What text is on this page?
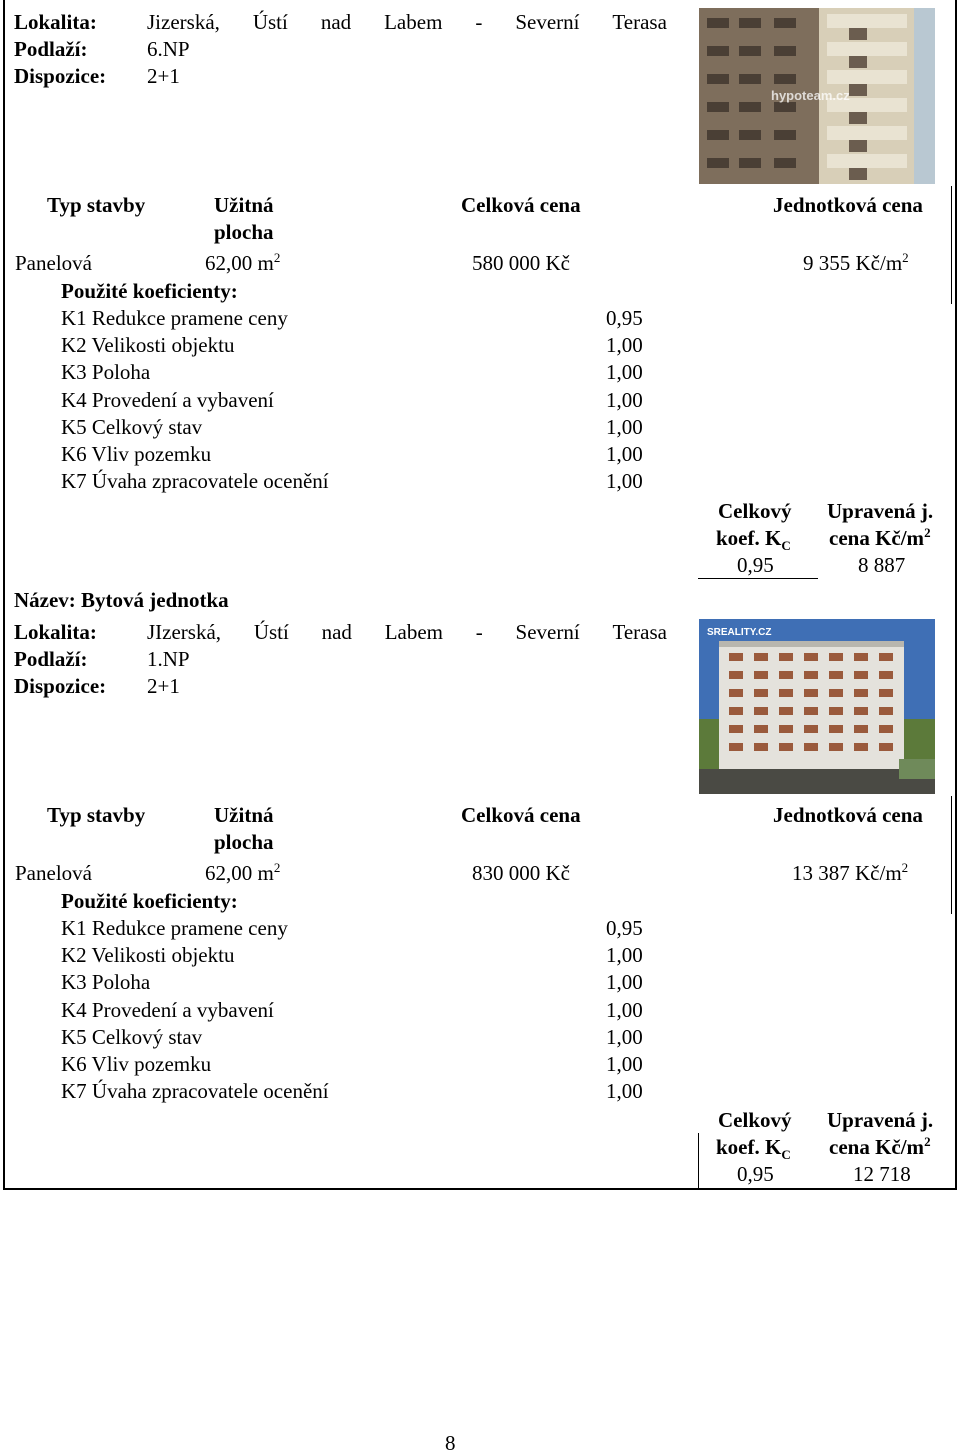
Lokalita: Jizerská, Ústí nad Labem - Severní Terasa
Podlaží:	6.NP
Dispozice: 2+1
hypoteam.cz
Typ stavby	Užitná
plocha
Celková cena	Jednotková cena
Panelová	62,00 $m^2$	580 000 Kč	9 355 $Kč/m^2$
Použité koeficienty:
K1 Redukce pramene ceny	0,95
K2 Velikosti objektu	1,00
K3 Poloha	1,00
K4 Provedení a vybavení	1,00
K5 Celkový stav	1,00
K6 Vliv pozemku	1,00
K7 Úvaha zpracovatele ocenění	1,00
Celkový
koef. $K_C$
Upravená j.
cena $Kč/m^2$
0,95	8 887
Název: Bytová jednotka
Lokalita: JIzerská, Ústí nad Labem - Severní Terasa
Podlaží:	1.NP
Dispozice: 2+1
SREALITY.CZ
Typ stavby	Užitná
plocha
Celková cena	Jednotková cena
Panelová	62,00 $m^2$	830 000 Kč	13 387 $Kč/m^2$
Použité koeficienty:
K1 Redukce pramene ceny	0,95
K2 Velikosti objektu	1,00
K3 Poloha	1,00
K4 Provedení a vybavení	1,00
K5 Celkový stav	1,00
K6 Vliv pozemku	1,00
K7 Úvaha zpracovatele ocenění	1,00
Celkový
koef. $K_C$
Upravená j.
cena $Kč/m^2$
0,95	12 718
8
